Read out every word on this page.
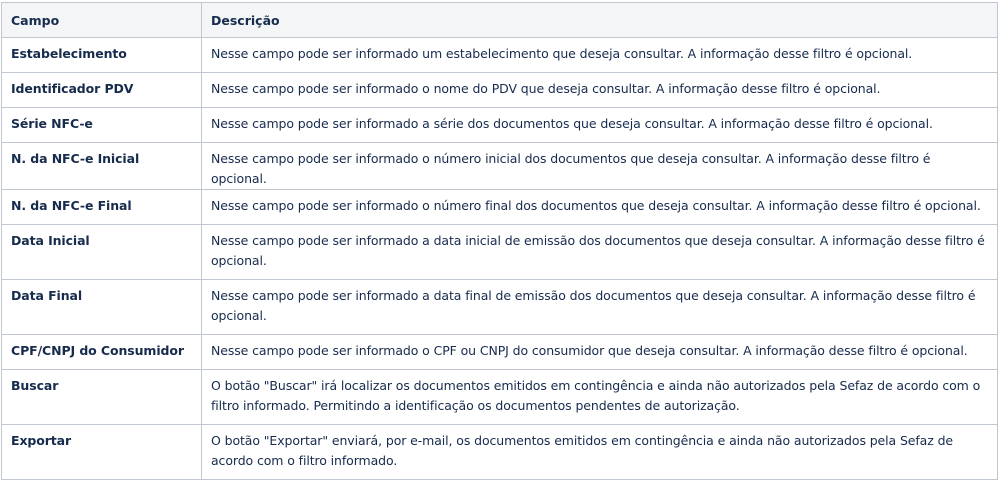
Campo	Descrição
Estabelecimento	Nesse campo pode ser informado um estabelecimento que deseja consultar. A informação desse filtro é opcional.
Identificador PDV	Nesse campo pode ser informado o nome do PDV que deseja consultar. A informação desse filtro é opcional.
Série NFC-e	Nesse campo pode ser informado a série dos documentos que deseja consultar. A informação desse filtro é opcional.
N. da NFC-e Inicial	Nesse campo pode ser informado o número inicial dos documentos que deseja consultar. A informação desse filtro é opcional.
N. da NFC-e Final	Nesse campo pode ser informado o número final dos documentos que deseja consultar. A informação desse filtro é opcional.
Data Inicial	Nesse campo pode ser informado a data inicial de emissão dos documentos que deseja consultar. A informação desse filtro é opcional.
Data Final	Nesse campo pode ser informado a data final de emissão dos documentos que deseja consultar. A informação desse filtro é opcional.
CPF/CNPJ do Consumidor	Nesse campo pode ser informado o CPF ou CNPJ do consumidor que deseja consultar. A informação desse filtro é opcional.
Buscar	O botão "Buscar" irá localizar os documentos emitidos em contingência e ainda não autorizados pela Sefaz de acordo com o filtro informado. Permitindo a identificação os documentos pendentes de autorização.
Exportar	O botão "Exportar" enviará, por e-mail, os documentos emitidos em contingência e ainda não autorizados pela Sefaz de acordo com o filtro informado.
